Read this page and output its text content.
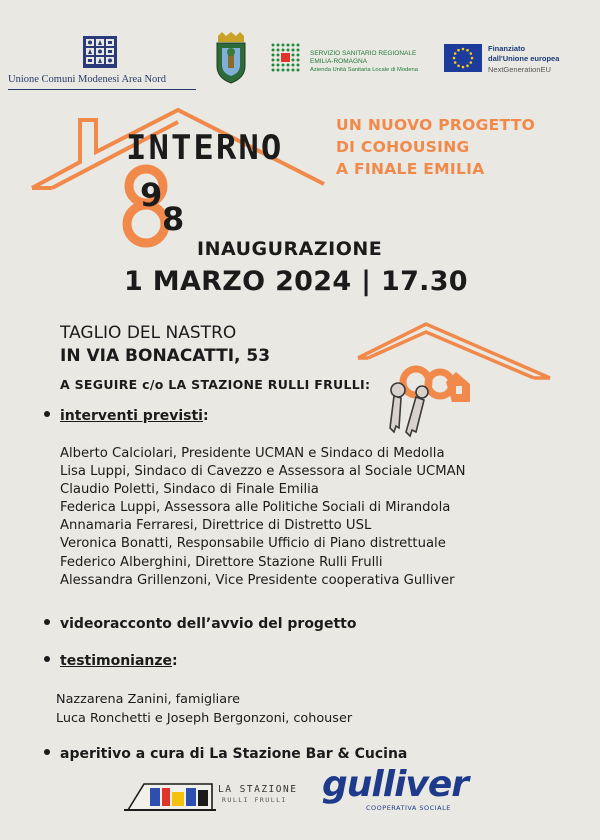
Unione Comuni Modenesi Area Nord
SERVIZIO SANITARIO REGIONALE
EMILIA-ROMAGNA
Azienda Unità Sanitaria Locale di Modena
Finanziato
dall'Unione europea
NextGenerationEU
INTERNO
9
8
UN NUOVO PROGETTO
DI COHOUSING
A FINALE EMILIA
INAUGURAZIONE
1 MARZO 2024 | 17.30
TAGLIO DEL NASTRO
IN VIA BONACATTI, 53
A SEGUIRE c/o LA STAZIONE RULLI FRULLI:
interventi previsti:
Alberto Calciolari, Presidente UCMAN e Sindaco di Medolla
Lisa Luppi, Sindaco di Cavezzo e Assessora al Sociale UCMAN
Claudio Poletti, Sindaco di Finale Emilia
Federica Luppi, Assessora alle Politiche Sociali di Mirandola
Annamaria Ferraresi, Direttrice di Distretto USL
Veronica Bonatti, Responsabile Ufficio di Piano distrettuale
Federico Alberghini, Direttore Stazione Rulli Frulli
Alessandra Grillenzoni, Vice Presidente cooperativa Gulliver
videoracconto dell’avvio del progetto
testimonianze:
Nazzarena Zanini, famigliare
Luca Ronchetti e Joseph Bergonzoni, cohouser
aperitivo a cura di La Stazione Bar & Cucina
LA STAZIONE
RULLI FRULLI gulliver
COOPERATIVA SOCIALE
